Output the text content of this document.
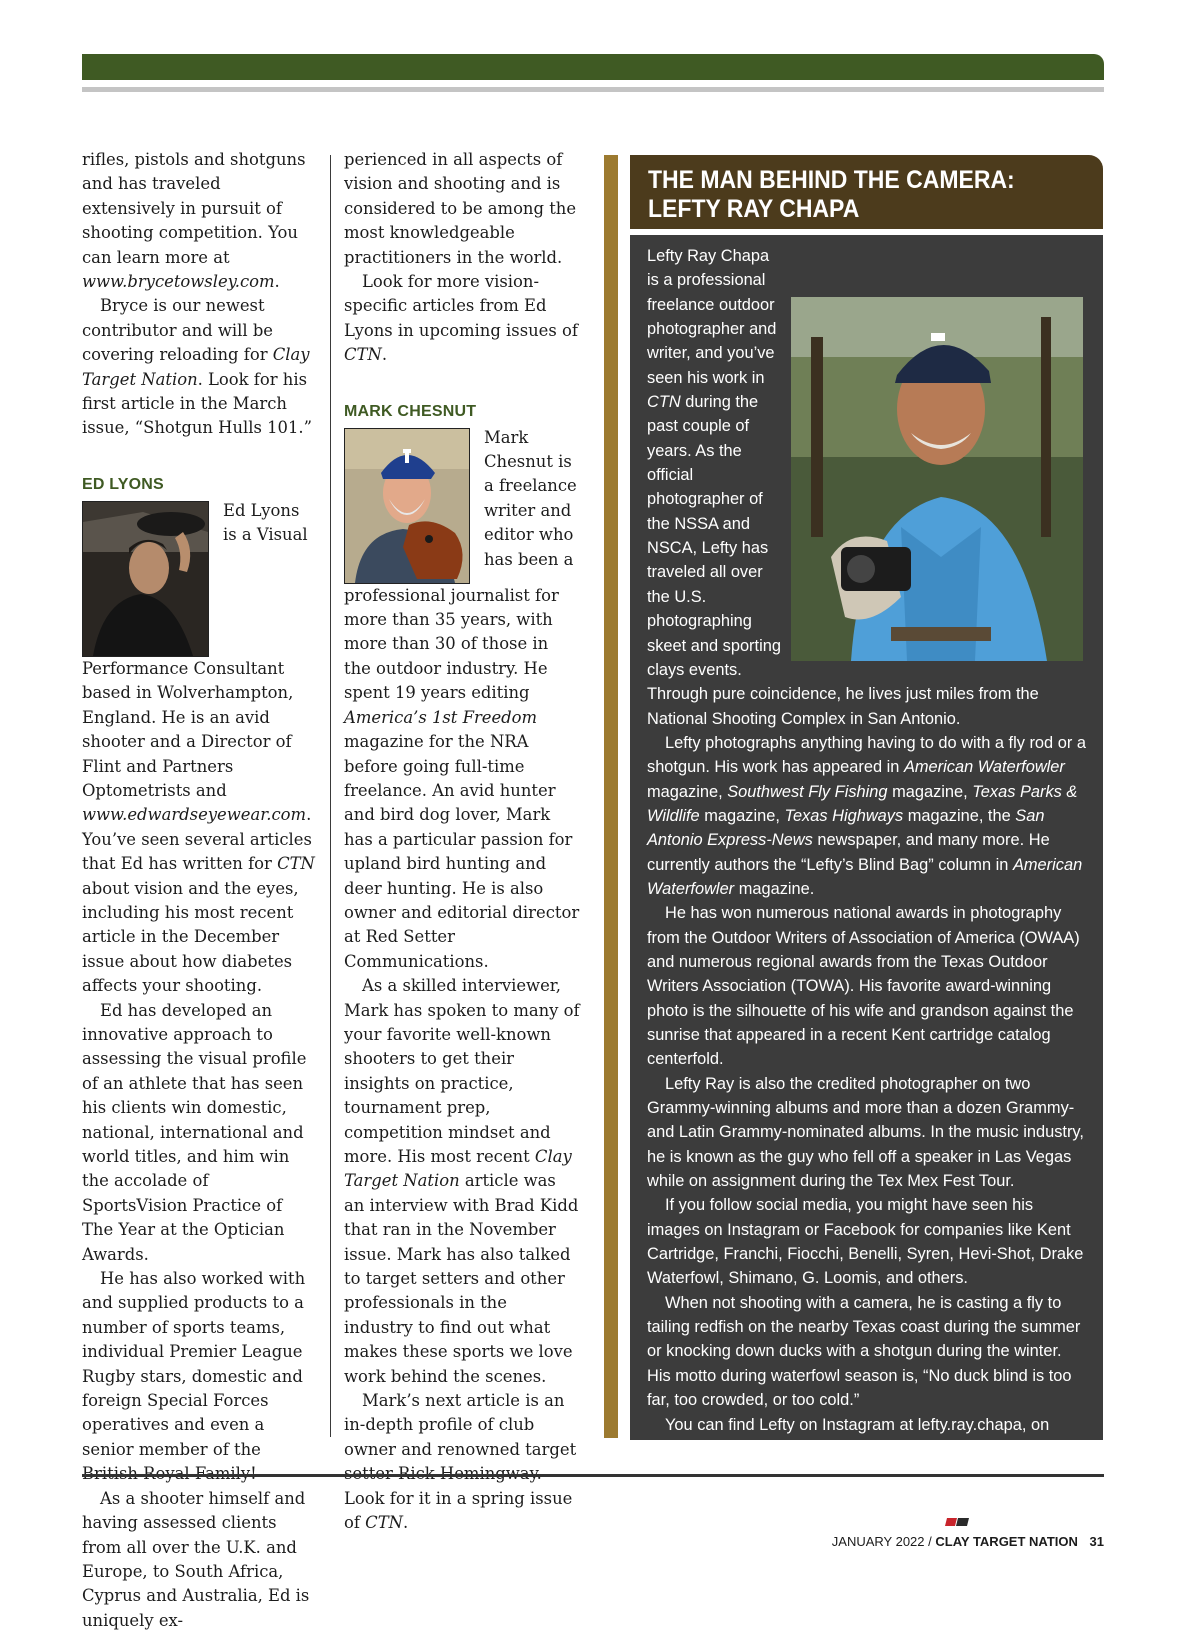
rifles, pistols and shotguns and has traveled extensively in pursuit of shooting competition. You can learn more at www.brycetowsley.com.

Bryce is our newest contributor and will be covering reloading for Clay Target Nation. Look for his first article in the March issue, “Shotgun Hulls 101.”

ED LYONS

Ed Lyons is a Visual Performance Consultant based in Wolverhampton, England. He is an avid shooter and a Director of Flint and Partners Optometrists and www.edwardseyewear.com. You’ve seen several articles that Ed has written for CTN about vision and the eyes, including his most recent article in the December issue about how diabetes affects your shooting.

Ed has developed an innovative approach to assessing the visual profile of an athlete that has seen his clients win domestic, national, international and world titles, and him win the accolade of SportsVision Practice of The Year at the Optician Awards.

He has also worked with and supplied products to a number of sports teams, individual Premier League Rugby stars, domestic and foreign Special Forces operatives and even a senior member of the

As a shooter himself and having assessed clients from all over the U.K. and Europe, to South Africa, Cyprus and Australia, Ed is uniquely ex-

perienced in all aspects of vision and shooting and is considered to be among the most knowledgeable practitioners in the world.

Look for more vision-specific articles from Ed Lyons in upcoming issues of CTN.

MARK CHESNUT

Mark Chesnut is a freelance writer and editor who has been a professional journalist for more than 35 years, with more than 30 of those in the outdoor industry. He spent 19 years editing America’s 1st Freedom magazine for the NRA before going full-time freelance. An avid hunter and bird dog lover, Mark has a particular passion for upland bird hunting and deer hunting. He is also owner and editorial director at Red Setter Communications.

As a skilled interviewer, Mark has spoken to many of your favorite well-known shooters to get their insights on practice, tournament prep, competition mindset and more. His most recent Clay Target Nation article was an interview with Brad Kidd that ran in the November issue. Mark has also talked to target setters and other professionals in the industry to find out what makes these sports we love work behind the scenes.

Mark’s next article is an in-depth profile of club owner and renowned target Look for it in a spring issue of CTN.

THE MAN BEHIND THE CAMERA:
LEFTY RAY CHAPA

Lefty Ray Chapa is a professional freelance outdoor photographer and writer, and you’ve seen his work in CTN during the past couple of years. As the official photographer of the NSSA and NSCA, Lefty has traveled all over the U.S. photographing skeet and sporting clays events. Through pure coincidence, he lives just miles from the National Shooting Complex in San Antonio.

Lefty photographs anything having to do with a fly rod or a shotgun. His work has appeared in American Waterfowler magazine, Southwest Fly Fishing magazine, Texas Parks & Wildlife magazine, Texas Highways magazine, the San Antonio Express-News newspaper, and many more. He currently authors the “Lefty’s Blind Bag” column in American Waterfowler magazine.

He has won numerous national awards in photography from the Outdoor Writers of Association of America (OWAA) and numerous regional awards from the Texas Outdoor Writers Association (TOWA). His favorite award-winning photo is the silhouette of his wife and grandson against the sunrise that appeared in a recent Kent cartridge catalog centerfold.

Lefty Ray is also the credited photographer on two Grammy-winning albums and more than a dozen Grammy- and Latin Grammy-nominated albums. In the music industry, he is known as the guy who fell off a speaker in Las Vegas while on assignment during the Tex Mex Fest Tour.

If you follow social media, you might have seen his images on Instagram or Facebook for companies like Kent Cartridge, Franchi, Fiocchi, Benelli, Syren, Hevi-Shot, Drake Waterfowl, Shimano, G. Loomis, and others.

When not shooting with a camera, he is casting a fly to tailing redfish on the nearby Texas coast during the summer or knocking down ducks with a shotgun during the winter. His motto during waterfowl season is, “No duck blind is too far, too crowded, or too cold.”

You can find Lefty on Instagram at lefty.ray.chapa, on Facebook as Lefty Ray, on Twitter as @LeftyRay, or via the lens at an event, give him a thumbs-up and a smile. You might find yourself on the pages of CTN!

JANUARY 2022 / CLAY TARGET NATION 31
